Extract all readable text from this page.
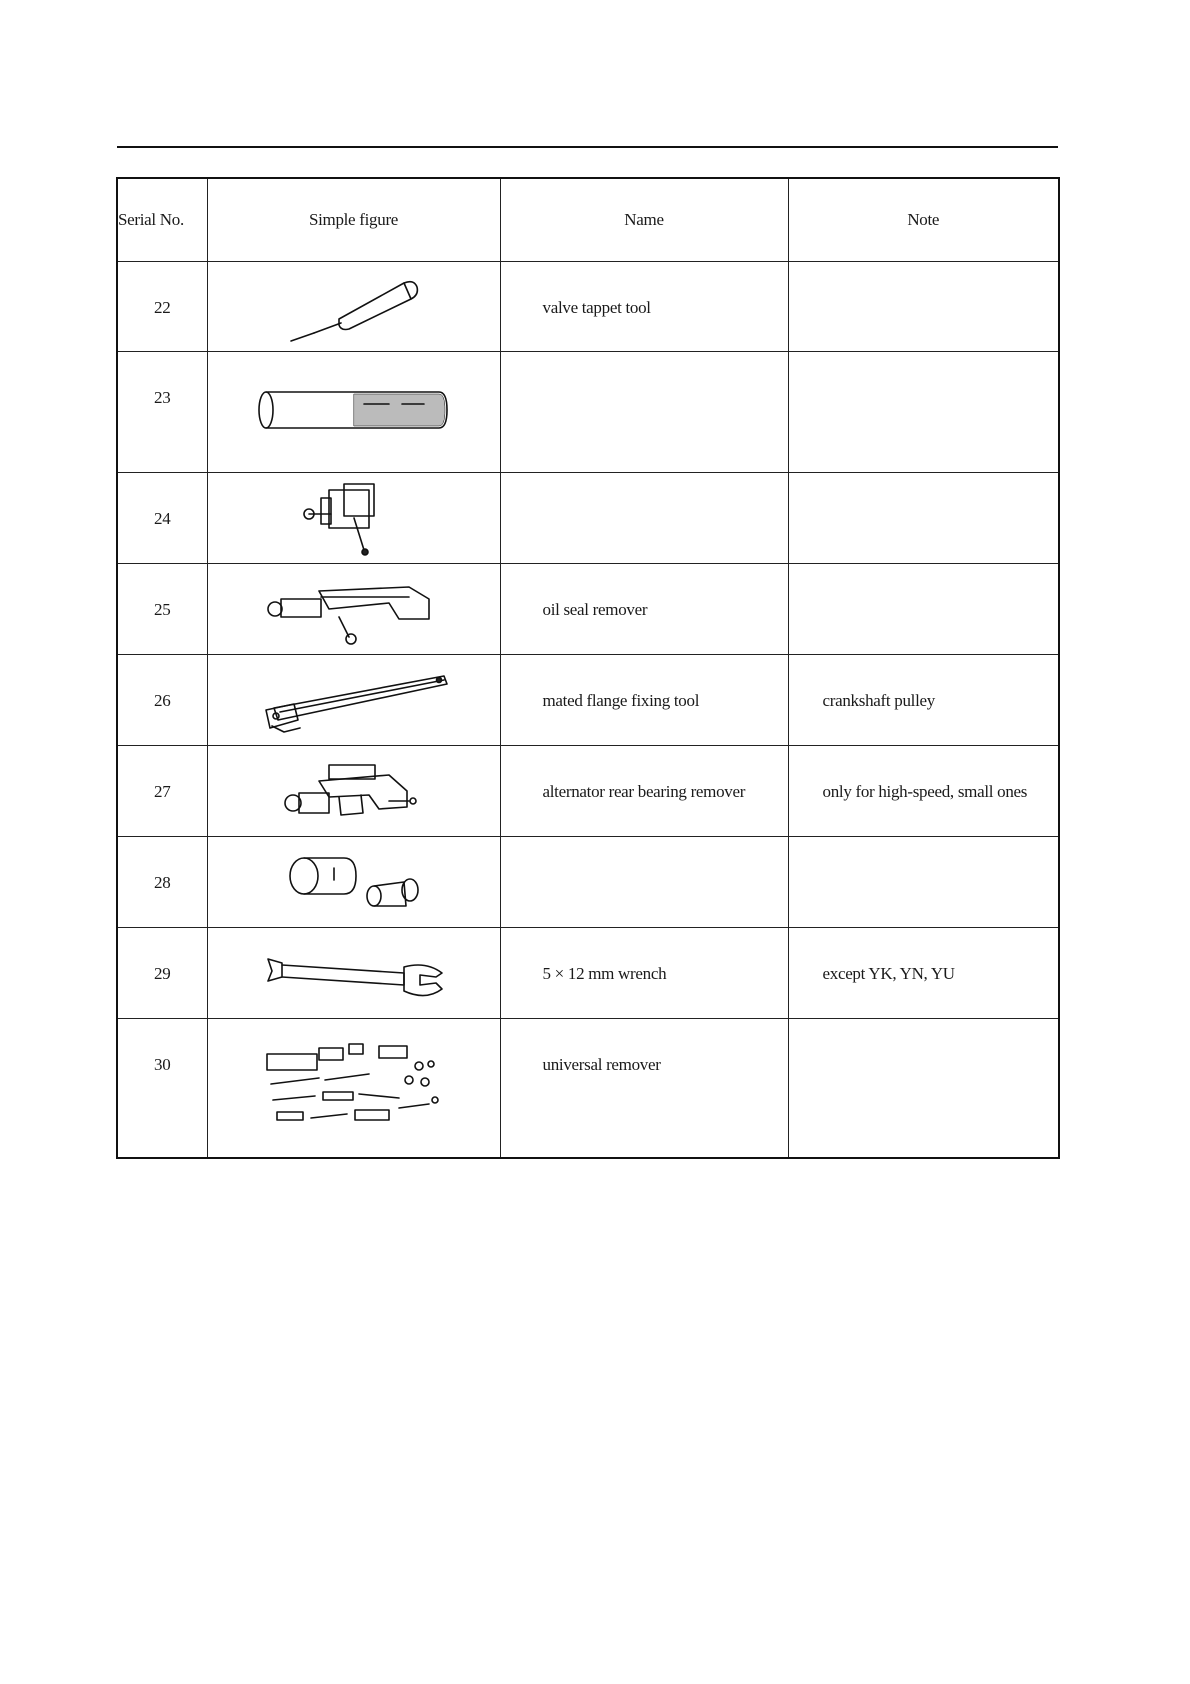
Serial No.	Simple figure	Name	Note
22		valve tappet tool	
23	

24	

25		oil seal remover	
26		mated flange fixing tool	crankshaft pulley
27		alternator rear bearing remover	only for high-speed, small ones
28	

29		5 × 12 mm wrench	except YK, YN, YU
30		universal remover	
